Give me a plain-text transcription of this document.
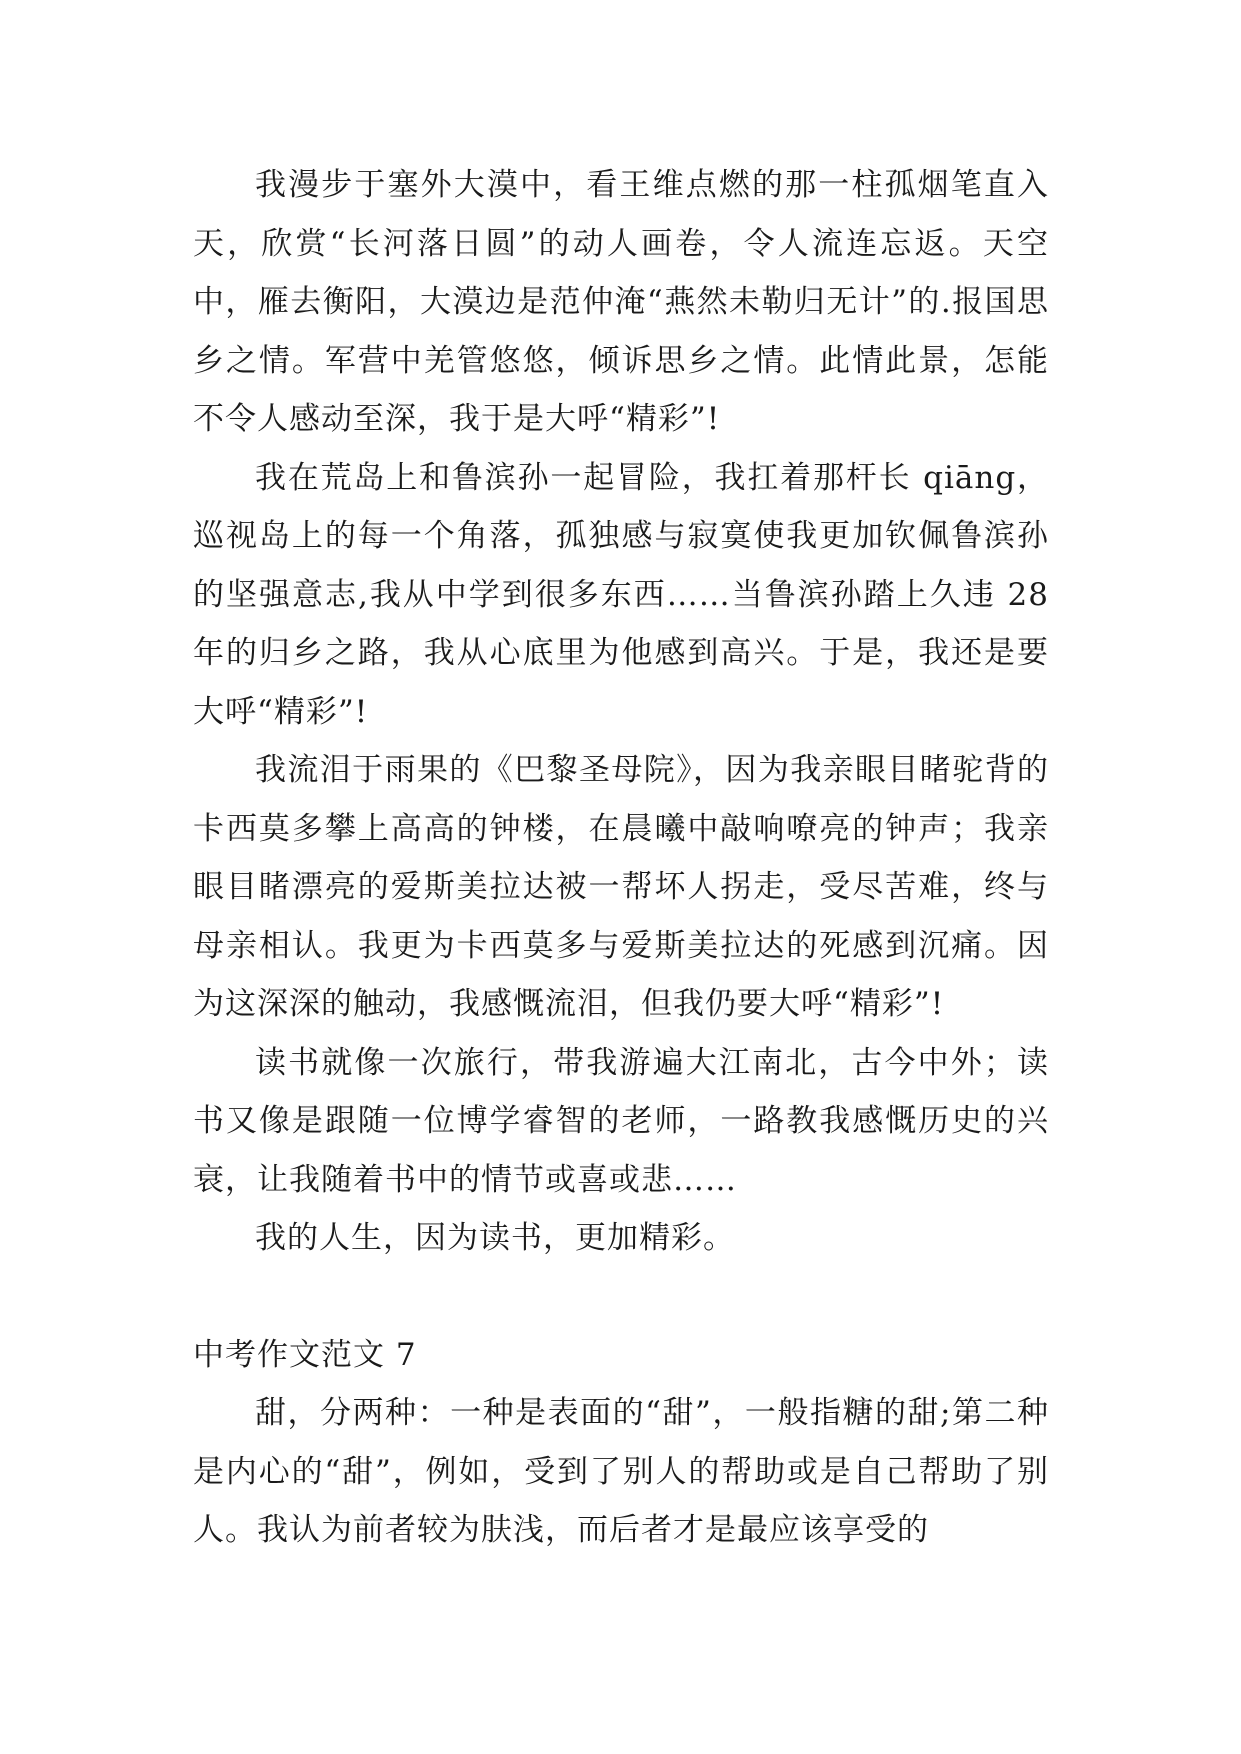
我漫步于塞外大漠中，看王维点燃的那一柱孤烟笔直入天，欣赏“长河落日圆”的动人画卷，令人流连忘返。天空中，雁去衡阳，大漠边是范仲淹“燕然未勒归无计”的.报国思乡之情。军营中羌管悠悠，倾诉思乡之情。此情此景，怎能不令人感动至深，我于是大呼“精彩”!

我在荒岛上和鲁滨孙一起冒险，我扛着那杆长 qiāng，巡视岛上的每一个角落，孤独感与寂寞使我更加钦佩鲁滨孙的坚强意志,我从中学到很多东西……当鲁滨孙踏上久违 28 年的归乡之路，我从心底里为他感到高兴。于是，我还是要大呼“精彩”!

我流泪于雨果的《巴黎圣母院》，因为我亲眼目睹驼背的卡西莫多攀上高高的钟楼，在晨曦中敲响嘹亮的钟声；我亲眼目睹漂亮的爱斯美拉达被一帮坏人拐走，受尽苦难，终与母亲相认。我更为卡西莫多与爱斯美拉达的死感到沉痛。因为这深深的触动，我感慨流泪，但我仍要大呼“精彩”!

读书就像一次旅行，带我游遍大江南北，古今中外；读书又像是跟随一位博学睿智的老师，一路教我感慨历史的兴衰，让我随着书中的情节或喜或悲……

我的人生，因为读书，更加精彩。

中考作文范文 7

甜，分两种：一种是表面的“甜”，一般指糖的甜;第二种是内心的“甜”，例如，受到了别人的帮助或是自己帮助了别人。我认为前者较为肤浅，而后者才是最应该享受的
